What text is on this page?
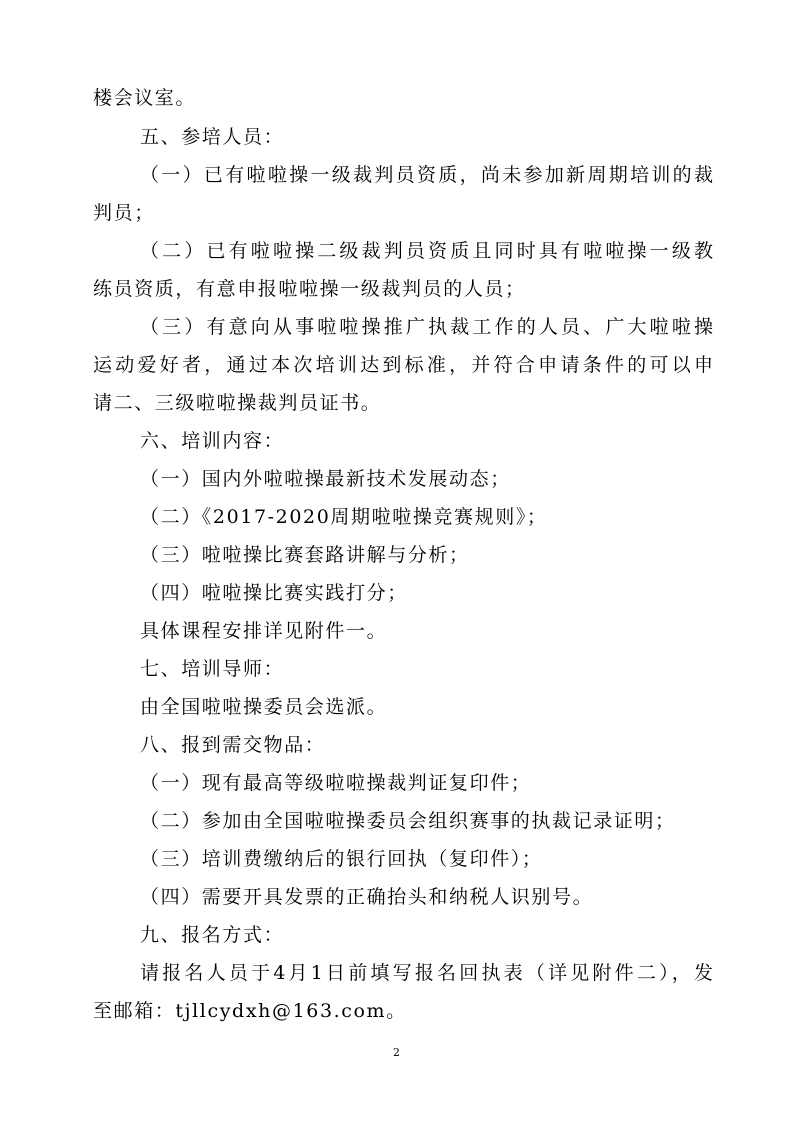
楼会议室。
五、参培人员：
（一）已有啦啦操一级裁判员资质，尚未参加新周期培训的裁
判员；
（二）已有啦啦操二级裁判员资质且同时具有啦啦操一级教
练员资质，有意申报啦啦操一级裁判员的人员；
（三）有意向从事啦啦操推广执裁工作的人员、广大啦啦操
运动爱好者，通过本次培训达到标准，并符合申请条件的可以申
请二、三级啦啦操裁判员证书。
六、培训内容：
（一）国内外啦啦操最新技术发展动态；
（二）《2017-2020周期啦啦操竞赛规则》；
（三）啦啦操比赛套路讲解与分析；
（四）啦啦操比赛实践打分；
具体课程安排详见附件一。
七、培训导师：
由全国啦啦操委员会选派。
八、报到需交物品：
（一）现有最高等级啦啦操裁判证复印件；
（二）参加由全国啦啦操委员会组织赛事的执裁记录证明；
（三）培训费缴纳后的银行回执（复印件）；
（四）需要开具发票的正确抬头和纳税人识别号。
九、报名方式：
请报名人员于4月1日前填写报名回执表（详见附件二），发
至邮箱：tjllcydxh@163.com。
2
